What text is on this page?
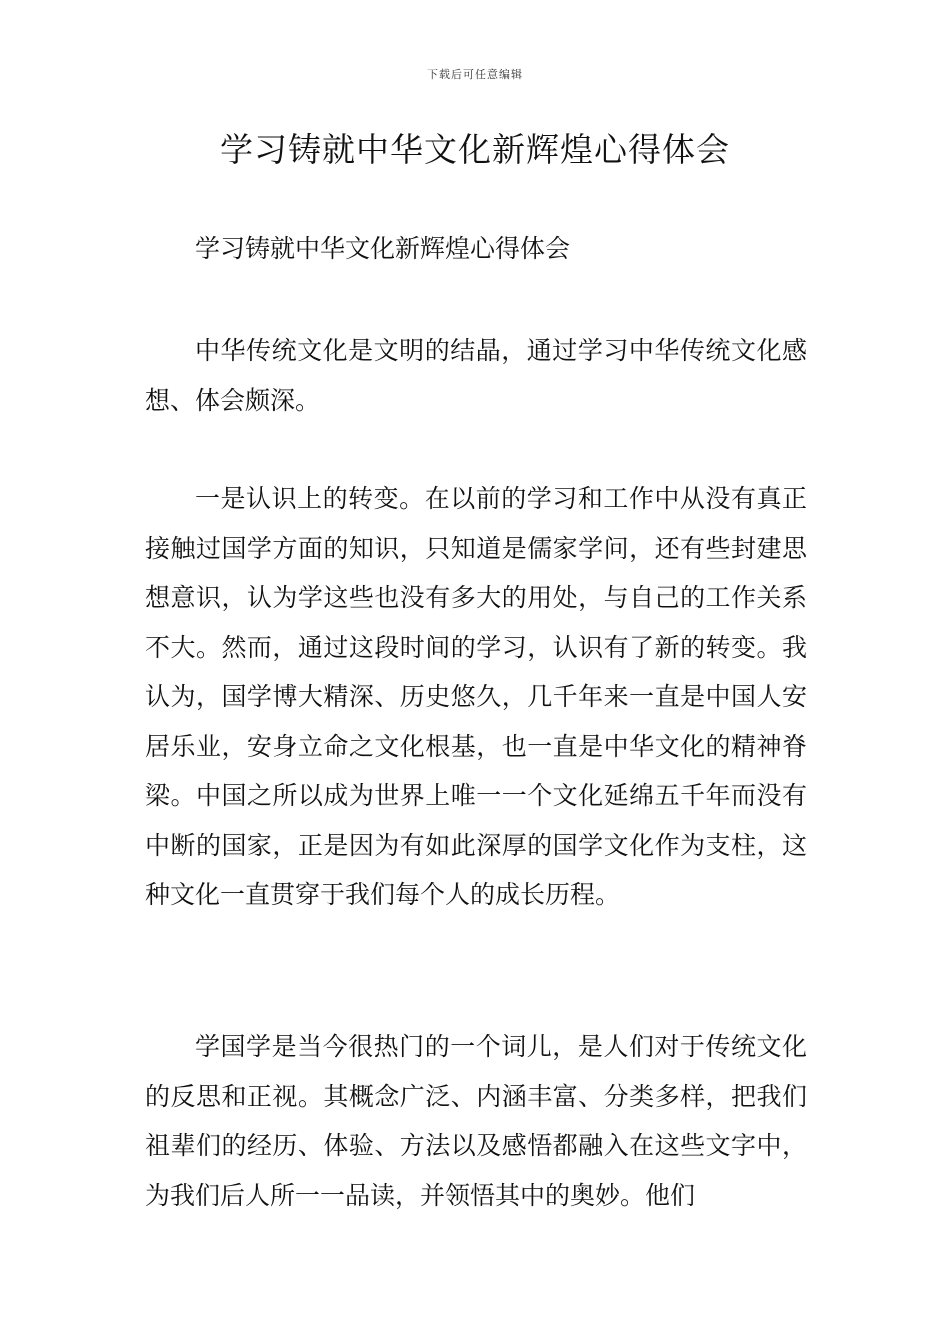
下载后可任意编辑
学习铸就中华文化新辉煌心得体会

学习铸就中华文化新辉煌心得体会

中华传统文化是文明的结晶，通过学习中华传统文化感想、体会颇深。

一是认识上的转变。在以前的学习和工作中从没有真正接触过国学方面的知识，只知道是儒家学问，还有些封建思想意识，认为学这些也没有多大的用处，与自己的工作关系不大。然而，通过这段时间的学习，认识有了新的转变。我认为，国学博大精深、历史悠久，几千年来一直是中国人安居乐业，安身立命之文化根基，也一直是中华文化的精神脊梁。中国之所以成为世界上唯一一个文化延绵五千年而没有中断的国家，正是因为有如此深厚的国学文化作为支柱，这种文化一直贯穿于我们每个人的成长历程。

学国学是当今很热门的一个词儿，是人们对于传统文化的反思和正视。其概念广泛、内涵丰富、分类多样，把我们祖辈们的经历、体验、方法以及感悟都融入在这些文字中，为我们后人所一一品读，并领悟其中的奥妙。他们
